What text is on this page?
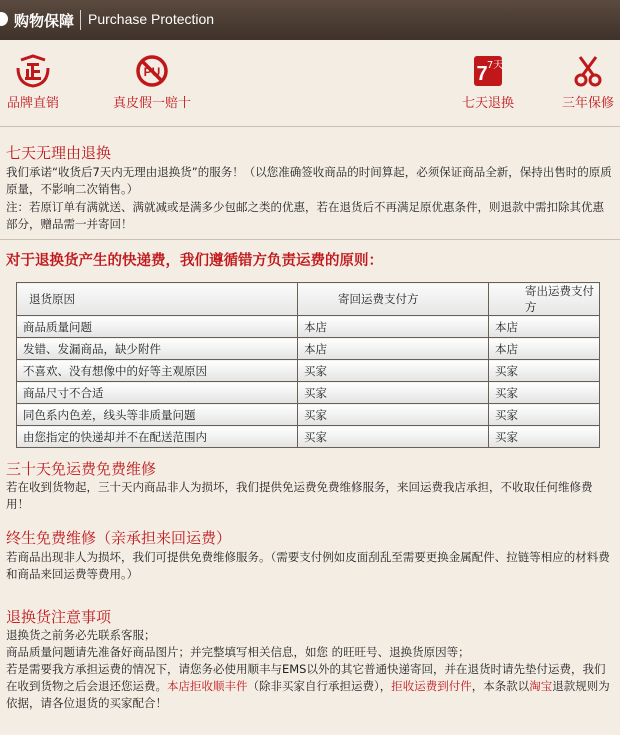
购物保障 Purchase Protection
品牌直销
PU
真皮假一赔十
7 7天
七天退换	三年保修
七天无理由退换
我们承诺“收货后7天内无理由退换货”的服务！（以您准确签收商品的时间算起，必须保证商品全新，保持出售时的原质原量，不影响二次销售。）
注：若原订单有满就送、满就减或是满多少包邮之类的优惠，若在退货后不再满足原优惠条件，则退款中需扣除其优惠部分，赠品需一并寄回！
对于退换货产生的快递费，我们遵循错方负责运费的原则：
退货原因	寄回运费支付方	寄出运费支付方
商品质量问题	本店	本店
发错、发漏商品，缺少附件	本店	本店
不喜欢、没有想像中的好等主观原因	买家	买家
商品尺寸不合适	买家	买家
同色系内色差，线头等非质量问题	买家	买家
由您指定的快递却并不在配送范围内	买家	买家
三十天免运费免费维修
若在收到货物起，三十天内商品非人为损坏，我们提供免运费免费维修服务，来回运费我店承担，不收取任何维修费用！
终生免费维修（亲承担来回运费）
若商品出现非人为损坏，我们可提供免费维修服务。（需要支付例如皮面刮乱至需要更换金属配件、拉链等相应的材料费和商品来回运费等费用。）
退换货注意事项
退换货之前务必先联系客服；
商品质量问题请先准备好商品图片；并完整填写相关信息，如您 的旺旺号、退换货原因等；
若是需要我方承担运费的情况下，请您务必使用顺丰与EMS以外的其它普通快递寄回，并在退货时请先垫付运费，我们在收到货物之后会退还您运费。本店拒收顺丰件（除非买家自行承担运费），拒收运费到付件，本条款以淘宝退款规则为依据，请各位退货的买家配合！
